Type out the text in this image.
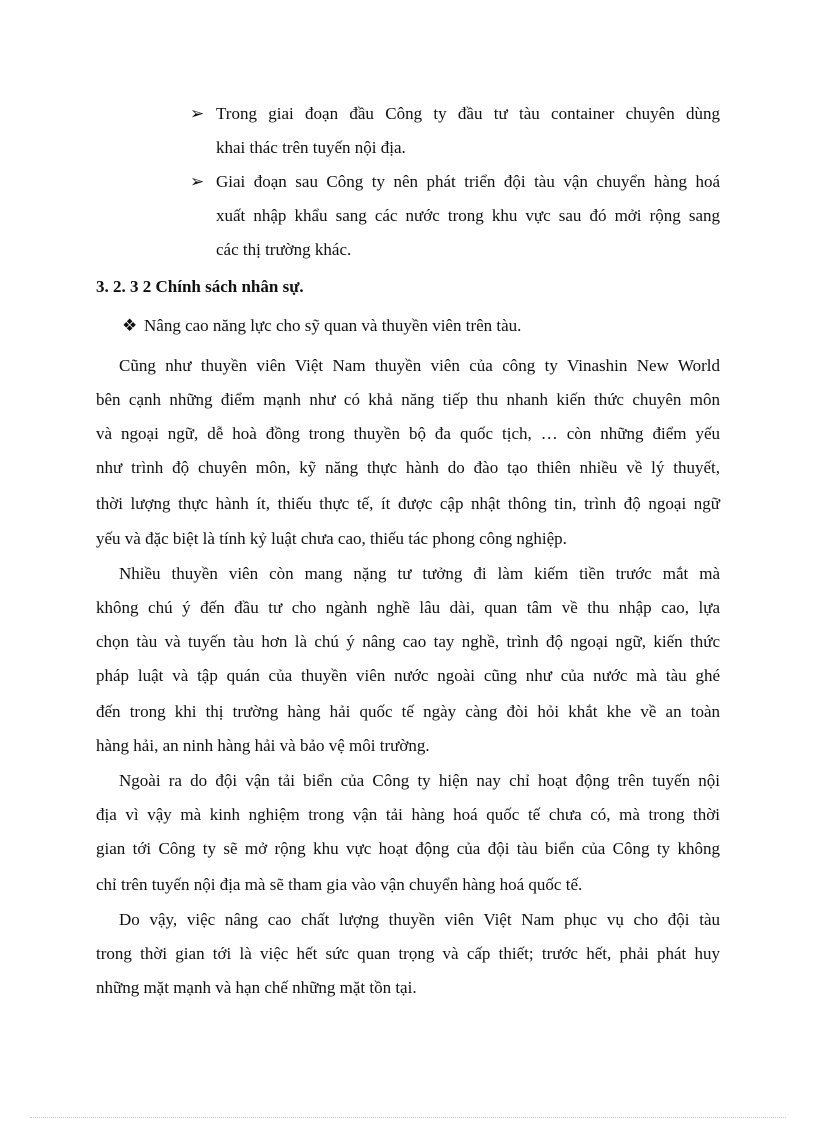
➢ Trong giai đoạn đầu Công ty đầu tư tàu container chuyên dùng
khai thác trên tuyến nội địa.
➢ Giai đoạn sau Công ty nên phát triển đội tàu vận chuyển hàng hoá
xuất nhập khẩu sang các nước trong khu vực sau đó mởi rộng sang
các thị trường khác.
3. 2. 3 2 Chính sách nhân sự.
❖ Nâng cao năng lực cho sỹ quan và thuyền viên trên tàu.
Cũng như thuyền viên Việt Nam thuyền viên của công ty Vinashin New World
bên cạnh những điểm mạnh như có khả năng tiếp thu nhanh kiến thức chuyên môn
và ngoại ngữ, dễ hoà đồng trong thuyền bộ đa quốc tịch, … còn những điểm yếu
như trình độ chuyên môn, kỹ năng thực hành do đào tạo thiên nhiều về lý thuyết,
thời lượng thực hành ít, thiếu thực tế, ít được cập nhật thông tin, trình độ ngoại ngữ
yếu và đặc biệt là tính kỷ luật chưa cao, thiếu tác phong công nghiệp.
Nhiều thuyền viên còn mang nặng tư tưởng đi làm kiếm tiền trước mắt mà
không chú ý đến đầu tư cho ngành nghề lâu dài, quan tâm về thu nhập cao, lựa
chọn tàu và tuyến tàu hơn là chú ý nâng cao tay nghề, trình độ ngoại ngữ, kiến thức
pháp luật và tập quán của thuyền viên nước ngoài cũng như của nước mà tàu ghé
đến trong khi thị trường hàng hải quốc tế ngày càng đòi hỏi khắt khe về an toàn
hàng hải, an ninh hàng hải và bảo vệ môi trường.
Ngoài ra do đội vận tải biển của Công ty hiện nay chỉ hoạt động trên tuyến nội
địa vì vậy mà kinh nghiệm trong vận tải hàng hoá quốc tế chưa có, mà trong thời
gian tới Công ty sẽ mở rộng khu vực hoạt động của đội tàu biển của Công ty không
chỉ trên tuyến nội địa mà sẽ tham gia vào vận chuyển hàng hoá quốc tế.
Do vậy, việc nâng cao chất lượng thuyền viên Việt Nam phục vụ cho đội tàu
trong thời gian tới là việc hết sức quan trọng và cấp thiết; trước hết, phải phát huy
những mặt mạnh và hạn chế những mặt tồn tại.
